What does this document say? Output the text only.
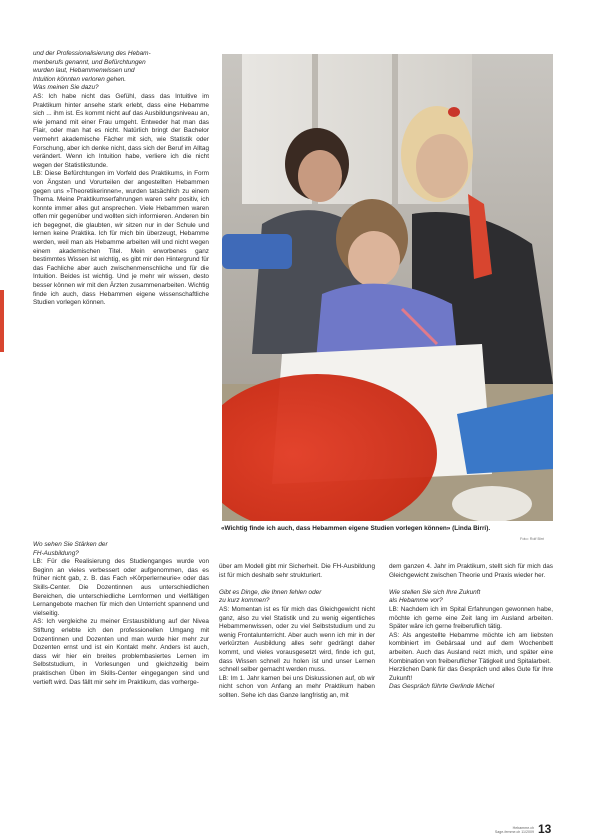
und der Professionalisierung des Hebam-

menberufs genannt, und Befürchtungen

wurden laut, Hebammenwissen und

Intuition könnten verloren gehen.

Was meinen Sie dazu?

AS: Ich habe nicht das Gefühl, dass das Intuitive im Praktikum hinter ansehe stark erlebt, dass eine Hebamme sich ... ihm ist. Es kommt nicht auf das Ausbildungsniveau an, wie jemand mit einer Frau umgeht. Entweder hat man das Flair, oder man hat es nicht. Natürlich bringt der Bachelor vermehrt akademische Fächer mit sich, wie Statistik oder Forschung, aber ich denke nicht, dass sich der Beruf im Alltag verändert. Wenn ich Intuition habe, verliere ich die nicht wegen der Statistikstunde.

LB: Diese Befürchtungen im Vorfeld des Praktikums, in Form von Ängsten und Vorurteilen der angestellten Hebammen gegen uns »Theoretikerinnen«, wurden tatsächlich zu einem Thema. Meine Praktikumserfahrungen waren sehr positiv, ich konnte immer alles gut ansprechen. Viele Hebammen waren offen mir gegenüber und wollten sich informieren. Anderen bin ich begegnet, die glaubten, wir sitzen nur in der Schule und lernen keine Praktika. Ich für mich bin überzeugt, Hebamme werden, weil man als Hebamme arbeiten will und nicht wegen einem akademischen Titel. Mein erworbenes ganz bestimmtes Wissen ist wichtig, es gibt mir den Hintergrund für das Fachliche aber auch zwischenmenschliche und für die Intuition. Beides ist wichtig. Und je mehr wir wissen, desto besser können wir mit den Ärzten zusammenarbeiten. Wichtig finde ich auch, dass Hebammen eigene wissenschaftliche Studien vorlegen können.

«Wichtig finde ich auch, dass Hebammen eigene Studien vorlegen können» (Linda Birri).
Foto: Rolf Birri

Wo sehen Sie Stärken der

FH-Ausbildung?

LB: Für die Realisierung des Studienganges wurde von Beginn an vieles verbessert oder aufgenommen, das es früher nicht gab, z. B. das Fach »Körperlerneurie« oder das Skills-Center. Die Dozentinnen aus unterschiedlichen Bereichen, die unterschiedliche Lernformen und vielfältigen Lernangebote machen für mich den Unterricht spannend und vielseitig.

AS: Ich vergleiche zu meiner Erstausbildung auf der Nivea Stiftung erlebte ich den professionellen Umgang mit Dozentinnen und Dozenten und man wurde hier mehr zur Dozenten ernst und ist ein Kontakt mehr. Anders ist auch, dass wir hier ein breites problembasiertes Lernen im Selbststudium, in Vorlesungen und gleichzeitig beim praktischen Üben im Skills-Center eingegangen sind und vertieft wird. Das fällt mir sehr im Praktikum, das vorherge-

über am Modell gibt mir Sicherheit. Die FH-Ausbildung ist für mich deshalb sehr strukturiert.

Gibt es Dinge, die Ihnen fehlen oder

zu kurz kommen?

AS: Momentan ist es für mich das Gleichgewicht nicht ganz, also zu viel Statistik und zu wenig eigentliches Hebammenwissen, oder zu viel Selbststudium und zu wenig Frontalunterricht. Aber auch wenn ich mir in der verkürzten Ausbildung alles sehr gedrängt daher kommt, und vieles vorausgesetzt wird, finde ich gut, dass Wissen schnell zu holen ist und unser Lernen schnell selber gemacht werden muss.

LB: Im 1. Jahr kamen bei uns Diskussionen auf, ob wir nicht schon von Anfang an mehr Praktikum haben sollten. Sehe ich das Ganze langfristig an, mit

dem ganzen 4. Jahr im Praktikum, stellt sich für mich das Gleichgewicht zwischen Theorie und Praxis wieder her.

Wie stellen Sie sich Ihre Zukunft

als Hebamme vor?

LB: Nachdem ich im Spital Erfahrungen gewonnen habe, möchte ich gerne eine Zeit lang im Ausland arbeiten. Später wäre ich gerne freiberuflich tätig.

AS: Als angestellte Hebamme möchte ich am liebsten kombiniert im Gebärsaal und auf dem Wochenbett arbeiten. Auch das Ausland reizt mich, und später eine Kombination von freiberuflicher Tätigkeit und Spitalarbeit.

Herzlichen Dank für das Gespräch und alles Gute für Ihre Zukunft!

Das Gespräch führte Gerlinde Michel

Hebamme.ch
Sage-femme.ch 11/2009 13
